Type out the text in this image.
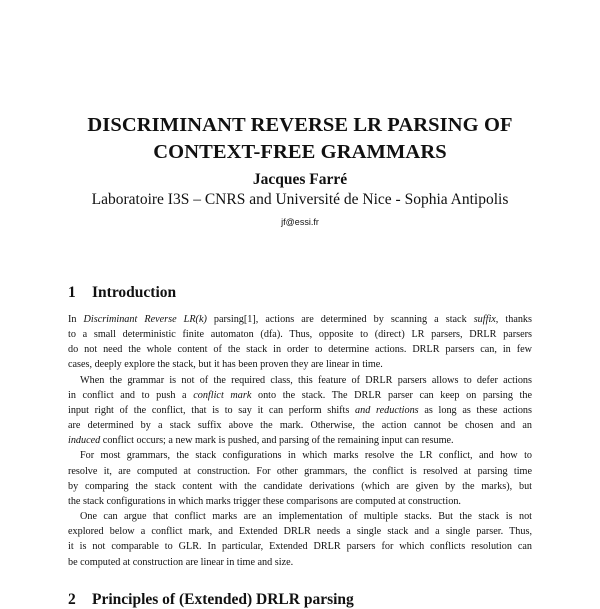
DISCRIMINANT REVERSE LR PARSING OF
CONTEXT-FREE GRAMMARS
Jacques Farré
Laboratoire I3S – CNRS and Université de Nice - Sophia Antipolis
jf@essi.fr
1 Introduction
In Discriminant Reverse LR(k) parsing[1], actions are determined by scanning a stack suffix, thanks
to a small deterministic finite automaton (dfa). Thus, opposite to (direct) LR parsers, DRLR parsers
do not need the whole content of the stack in order to determine actions. DRLR parsers can, in few
cases, deeply explore the stack, but it has been proven they are linear in time.
When the grammar is not of the required class, this feature of DRLR parsers allows to defer actions
in conflict and to push a conflict mark onto the stack. The DRLR parser can keep on parsing the
input right of the conflict, that is to say it can perform shifts and reductions as long as these actions
are determined by a stack suffix above the mark. Otherwise, the action cannot be chosen and an
induced conflict occurs; a new mark is pushed, and parsing of the remaining input can resume.
For most grammars, the stack configurations in which marks resolve the LR conflict, and how to
resolve it, are computed at construction. For other grammars, the conflict is resolved at parsing time
by comparing the stack content with the candidate derivations (which are given by the marks), but
the stack configurations in which marks trigger these comparisons are computed at construction.
One can argue that conflict marks are an implementation of multiple stacks. But the stack is not
explored below a conflict mark, and Extended DRLR needs a single stack and a single parser. Thus,
it is not comparable to GLR. In particular, Extended DRLR parsers for which conflicts resolution can
be computed at construction are linear in time and size.
2 Principles of (Extended) DRLR parsing
